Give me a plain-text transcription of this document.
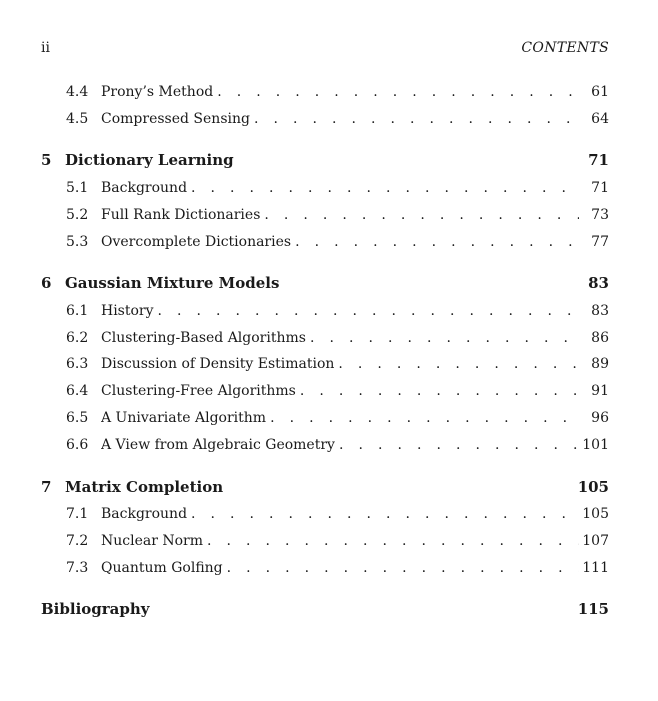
ii	CONTENTS
4.4 Prony’s Method . . .	61
4.5 Compressed Sensing . . .	64
5 Dictionary Learning	71
5.1 Background . . .	71
5.2 Full Rank Dictionaries . . .	73
5.3 Overcomplete Dictionaries . . .	77
6 Gaussian Mixture Models	83
6.1 History . . .	83
6.2 Clustering-Based Algorithms . . .	86
6.3 Discussion of Density Estimation . . .	89
6.4 Clustering-Free Algorithms . . .	91
6.5 A Univariate Algorithm . . .	96
6.6 A View from Algebraic Geometry . . .	101
7 Matrix Completion	105
7.1 Background . . .	105
7.2 Nuclear Norm . . .	107
7.3 Quantum Golfing . . .	111
Bibliography	115
